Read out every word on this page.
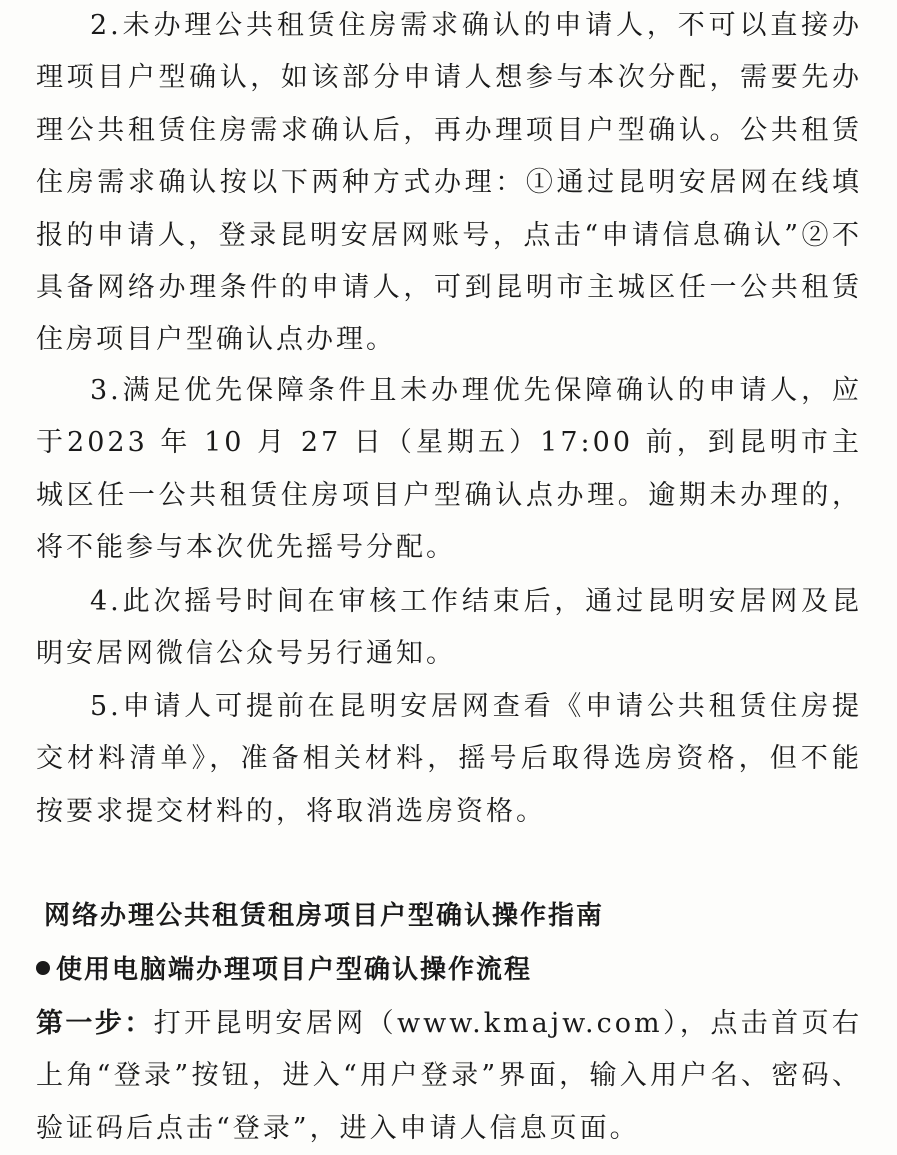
2.未办理公共租赁住房需求确认的申请人，不可以直接办理项目户型确认，如该部分申请人想参与本次分配，需要先办理公共租赁住房需求确认后，再办理项目户型确认。公共租赁住房需求确认按以下两种方式办理：①通过昆明安居网在线填报的申请人，登录昆明安居网账号，点击“申请信息确认”②不具备网络办理条件的申请人，可到昆明市主城区任一公共租赁住房项目户型确认点办理。

3.满足优先保障条件且未办理优先保障确认的申请人，应于2023 年 10 月 27 日（星期五）17:00 前，到昆明市主城区任一公共租赁住房项目户型确认点办理。逾期未办理的，将不能参与本次优先摇号分配。

4.此次摇号时间在审核工作结束后，通过昆明安居网及昆明安居网微信公众号另行通知。

5.申请人可提前在昆明安居网查看《申请公共租赁住房提交材料清单》，准备相关材料，摇号后取得选房资格，但不能按要求提交材料的，将取消选房资格。

网络办理公共租赁租房项目户型确认操作指南
使用电脑端办理项目户型确认操作流程

第一步：打开昆明安居网（www.kmajw.com），点击首页右上角“登录”按钮，进入“用户登录”界面，输入用户名、密码、验证码后点击“登录”，进入申请人信息页面。
